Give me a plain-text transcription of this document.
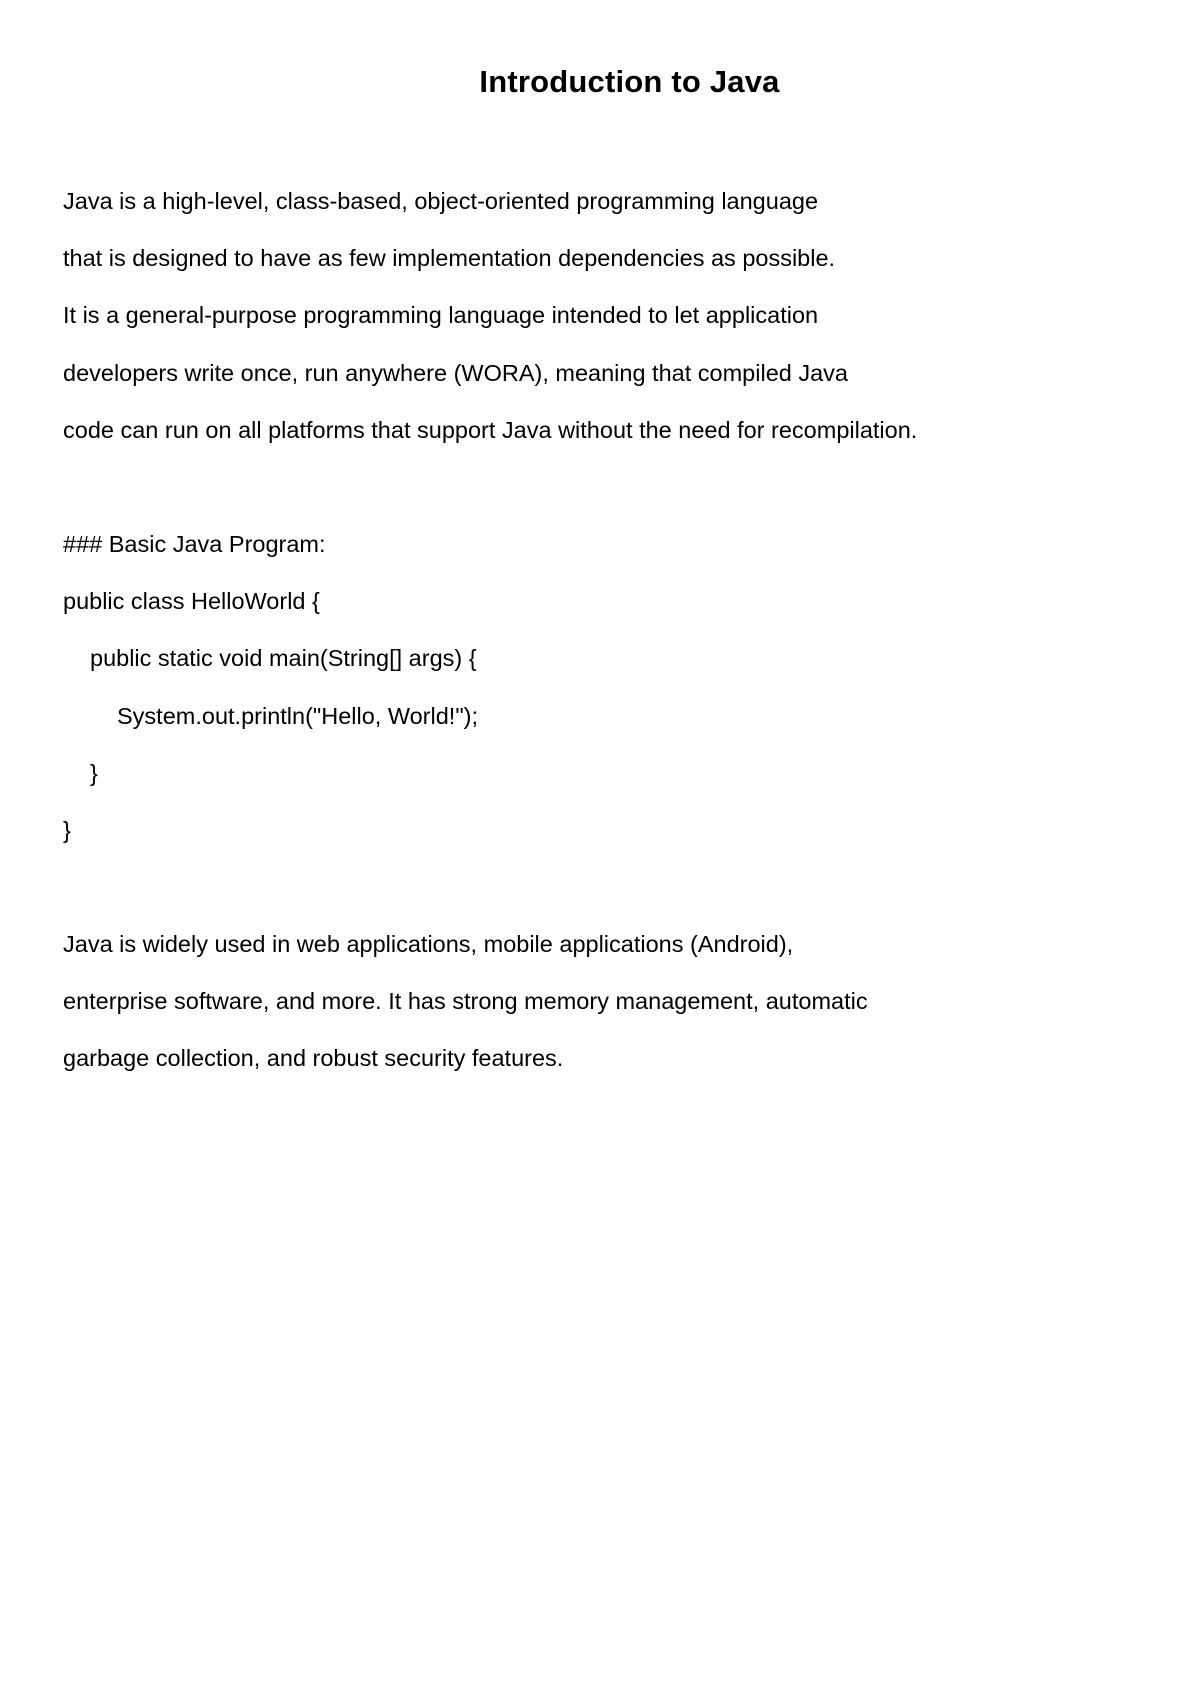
Introduction to Java

Java is a high-level, class-based, object-oriented programming language

that is designed to have as few implementation dependencies as possible.

It is a general-purpose programming language intended to let application

developers write once, run anywhere (WORA), meaning that compiled Java

code can run on all platforms that support Java without the need for recompilation.

### Basic Java Program:

public class HelloWorld {

public static void main(String[] args) {

System.out.println("Hello, World!");

}

}

Java is widely used in web applications, mobile applications (Android),

enterprise software, and more. It has strong memory management, automatic

garbage collection, and robust security features.
